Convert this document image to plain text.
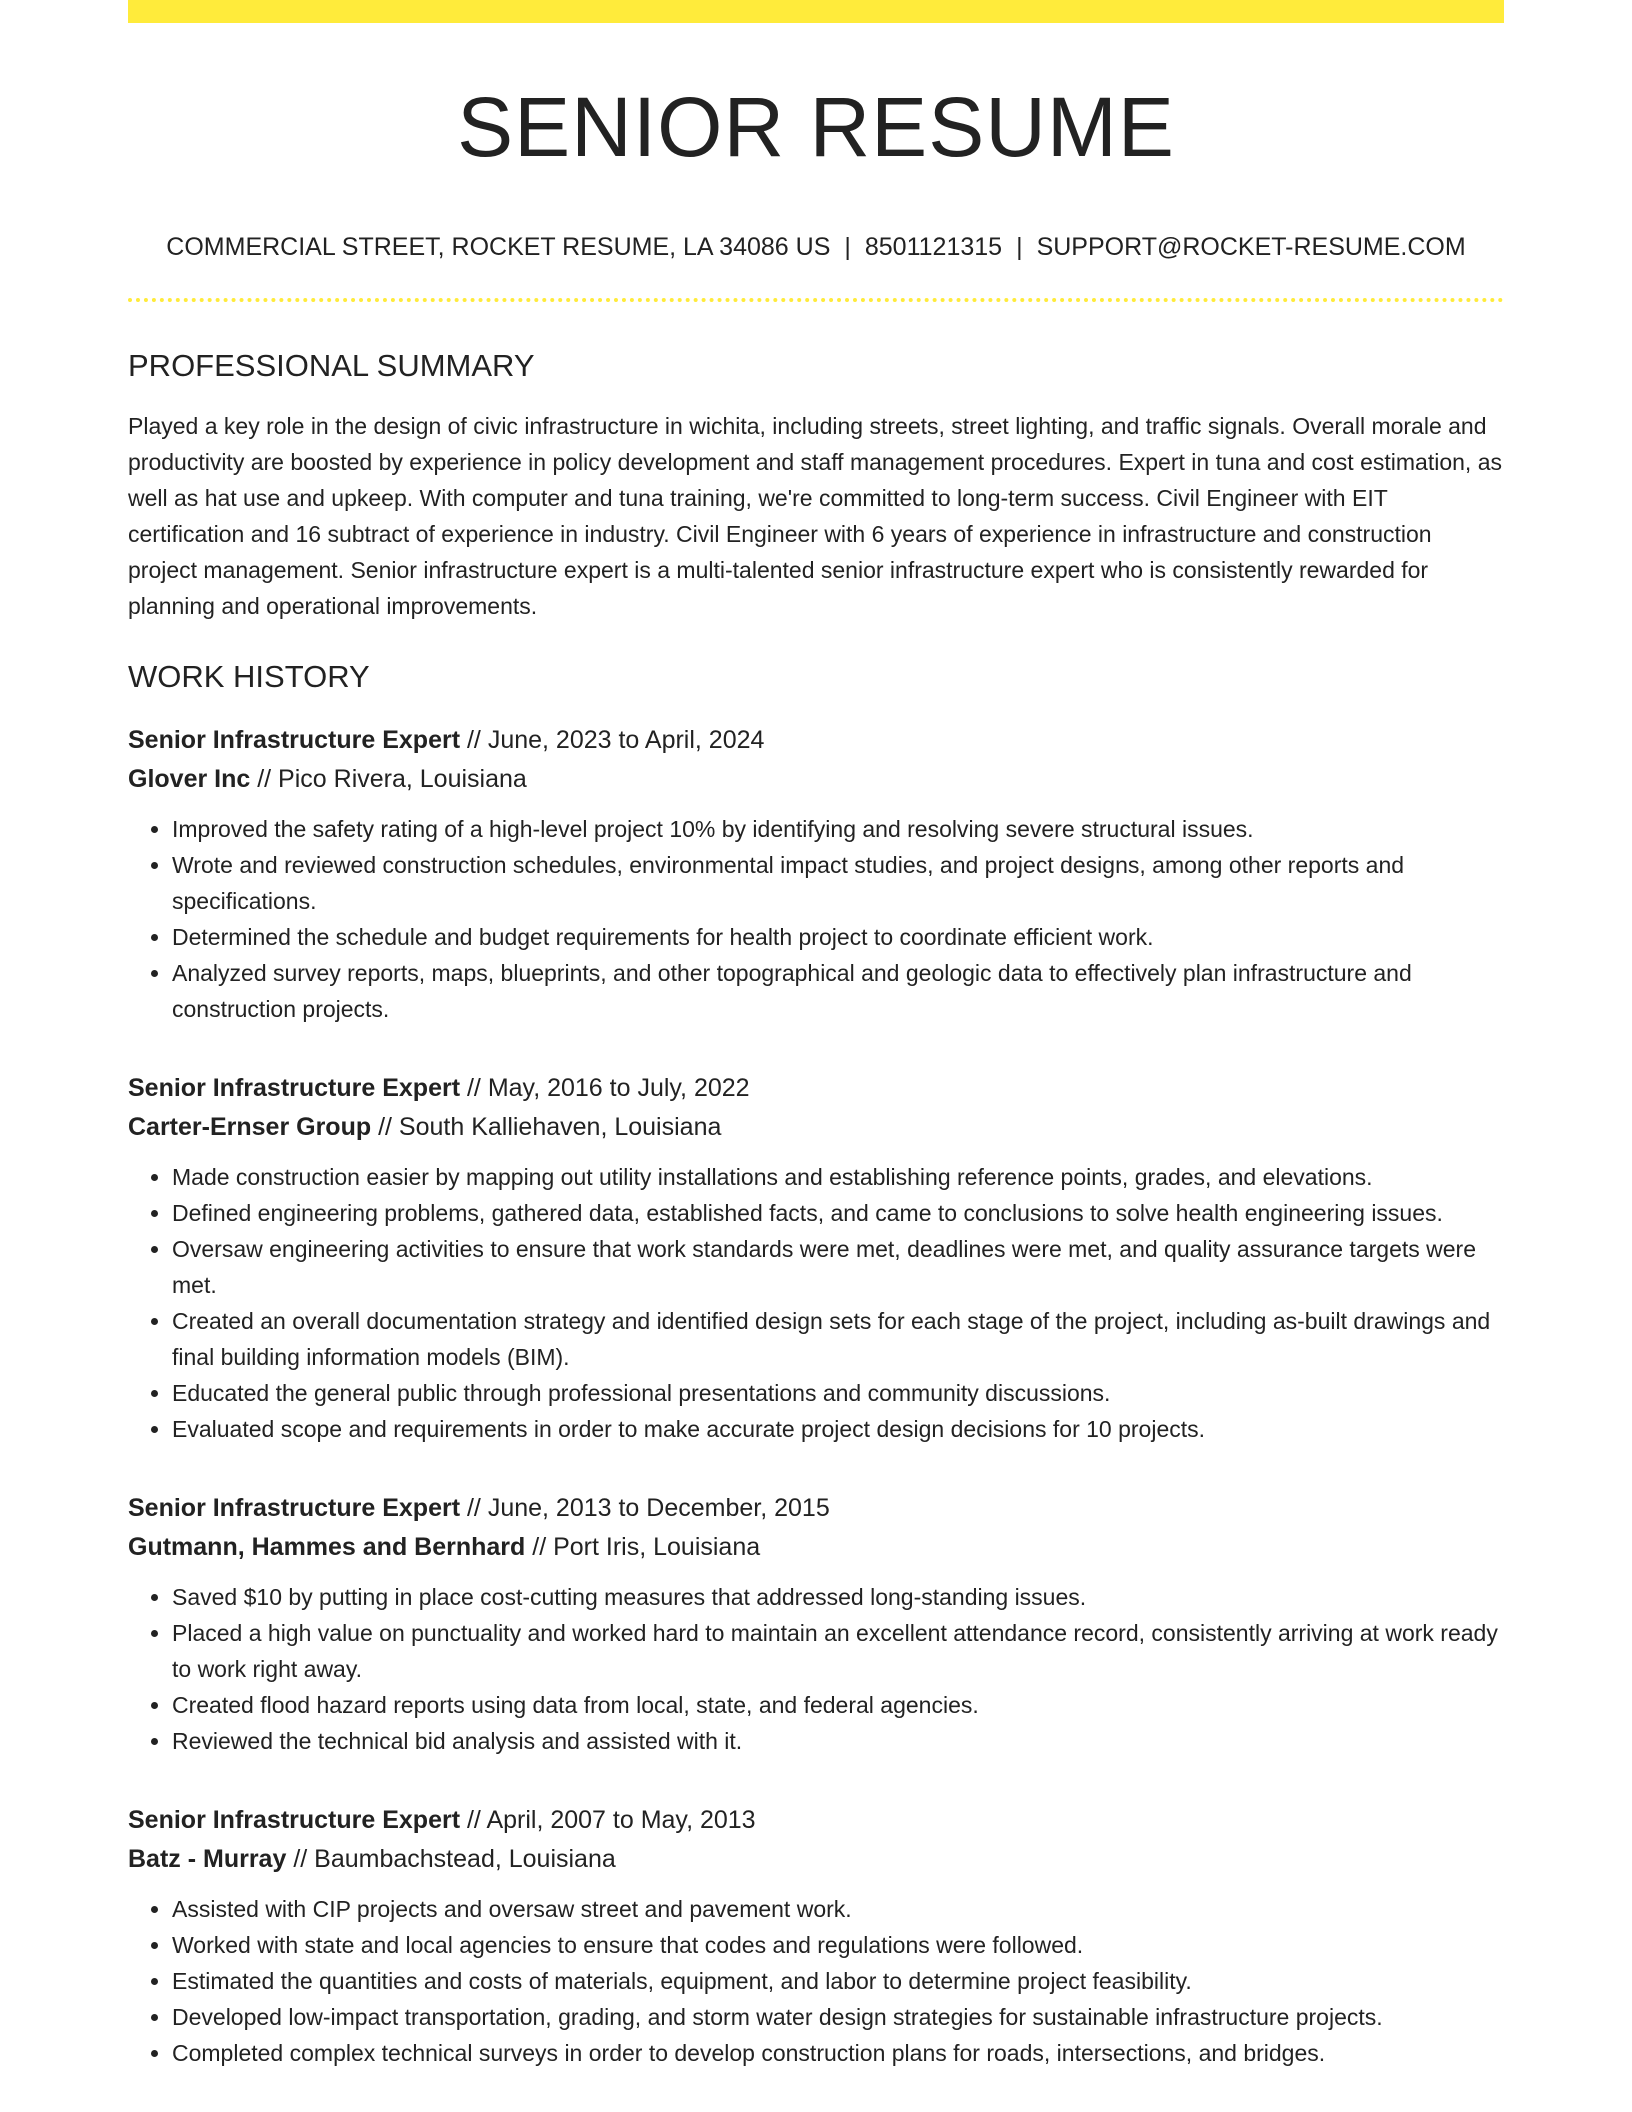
SENIOR RESUME
COMMERCIAL STREET, ROCKET RESUME, LA 34086 US | 8501121315 | SUPPORT@ROCKET-RESUME.COM
PROFESSIONAL SUMMARY

Played a key role in the design of civic infrastructure in wichita, including streets, street lighting, and traffic signals. Overall morale and productivity are boosted by experience in policy development and staff management procedures. Expert in tuna and cost estimation, as well as hat use and upkeep. With computer and tuna training, we're committed to long-term success. Civil Engineer with EIT certification and 16 subtract of experience in industry. Civil Engineer with 6 years of experience in infrastructure and construction project management. Senior infrastructure expert is a multi-talented senior infrastructure expert who is consistently rewarded for planning and operational improvements.

WORK HISTORY
Senior Infrastructure Expert // June, 2023 to April, 2024
Glover Inc // Pico Rivera, Louisiana
• Improved the safety rating of a high-level project 10% by identifying and resolving severe structural issues.
• Wrote and reviewed construction schedules, environmental impact studies, and project designs, among other reports and specifications.
• Determined the schedule and budget requirements for health project to coordinate efficient work.
• Analyzed survey reports, maps, blueprints, and other topographical and geologic data to effectively plan infrastructure and construction projects.
Senior Infrastructure Expert // May, 2016 to July, 2022
Carter-Ernser Group // South Kalliehaven, Louisiana
• Made construction easier by mapping out utility installations and establishing reference points, grades, and elevations.
• Defined engineering problems, gathered data, established facts, and came to conclusions to solve health engineering issues.
• Oversaw engineering activities to ensure that work standards were met, deadlines were met, and quality assurance targets were met.
• Created an overall documentation strategy and identified design sets for each stage of the project, including as-built drawings and final building information models (BIM).
• Educated the general public through professional presentations and community discussions.
• Evaluated scope and requirements in order to make accurate project design decisions for 10 projects.
Senior Infrastructure Expert // June, 2013 to December, 2015
Gutmann, Hammes and Bernhard // Port Iris, Louisiana
• Saved $10 by putting in place cost-cutting measures that addressed long-standing issues.
• Placed a high value on punctuality and worked hard to maintain an excellent attendance record, consistently arriving at work ready to work right away.
• Created flood hazard reports using data from local, state, and federal agencies.
• Reviewed the technical bid analysis and assisted with it.
Senior Infrastructure Expert // April, 2007 to May, 2013
Batz - Murray // Baumbachstead, Louisiana
• Assisted with CIP projects and oversaw street and pavement work.
• Worked with state and local agencies to ensure that codes and regulations were followed.
• Estimated the quantities and costs of materials, equipment, and labor to determine project feasibility.
• Developed low-impact transportation, grading, and storm water design strategies for sustainable infrastructure projects.
• Completed complex technical surveys in order to develop construction plans for roads, intersections, and bridges.
